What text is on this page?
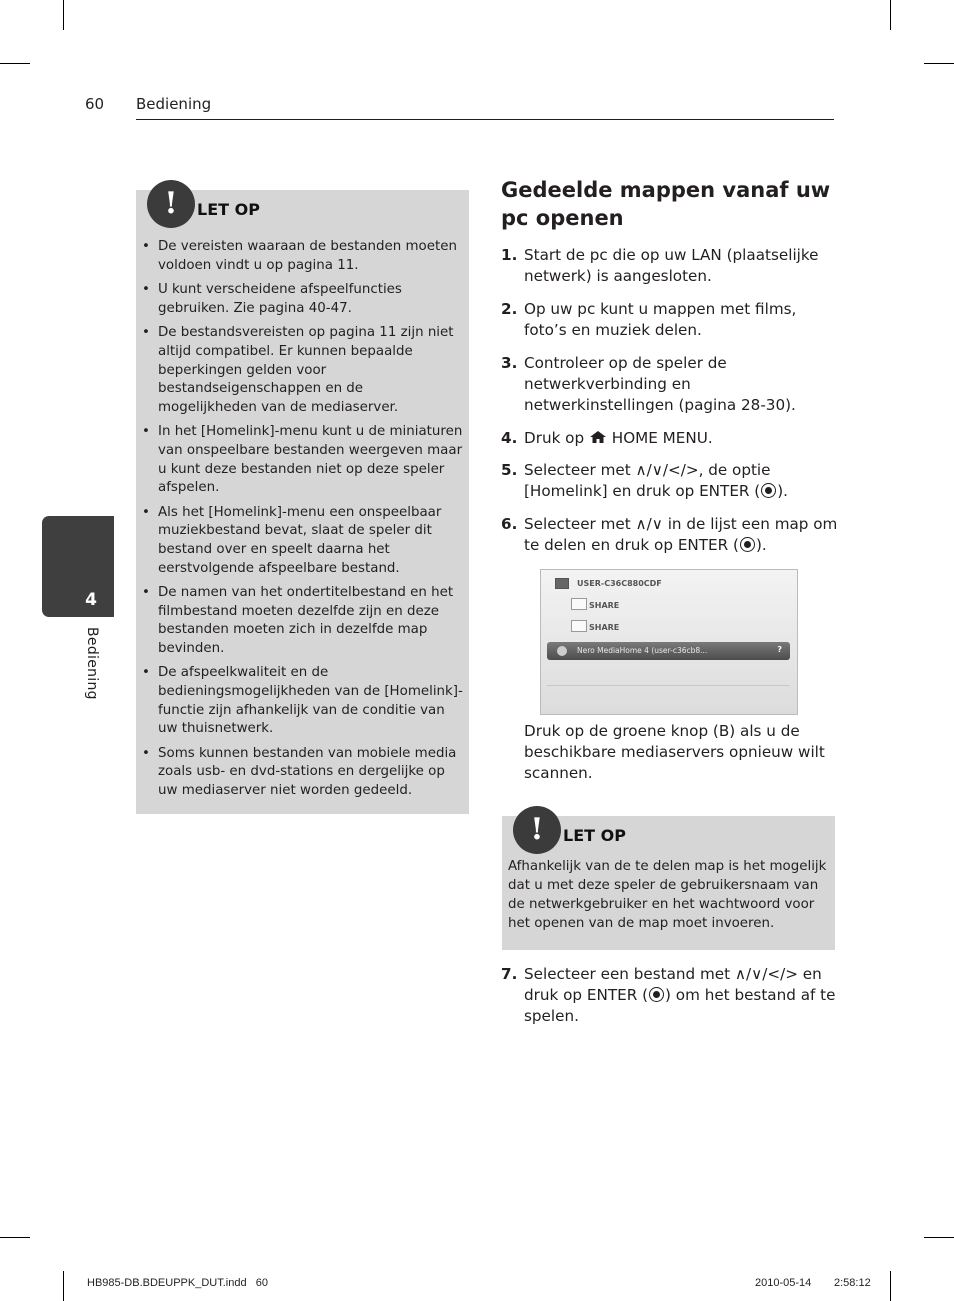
60 Bediening
4
Bediening
!	LET OP
• De vereisten waaraan de bestanden moeten voldoen vindt u op pagina 11.
• U kunt verscheidene afspeelfuncties gebruiken. Zie pagina 40-47.
• De bestandsvereisten op pagina 11 zijn niet altijd compatibel. Er kunnen bepaalde beperkingen gelden voor bestandseigenschappen en de mogelijkheden van de mediaserver.
• In het [Homelink]-menu kunt u de miniaturen van onspeelbare bestanden weergeven maar u kunt deze bestanden niet op deze speler afspelen.
• Als het [Homelink]-menu een onspeelbaar muziekbestand bevat, slaat de speler dit bestand over en speelt daarna het eerstvolgende afspeelbare bestand.
• De namen van het ondertitelbestand en het filmbestand moeten dezelfde zijn en deze bestanden moeten zich in dezelfde map bevinden.
• De afspeelkwaliteit en de bedieningsmogelijkheden van de [Homelink]-functie zijn afhankelijk van de conditie van uw thuisnetwerk.
• Soms kunnen bestanden van mobiele media zoals usb- en dvd-stations en dergelijke op uw mediaserver niet worden gedeeld.
Gedeelde mappen vanaf uw pc openen
1. Start de pc die op uw LAN (plaatselijke netwerk) is aangesloten.
2. Op uw pc kunt u mappen met films, foto’s en muziek delen.
3. Controleer op de speler de netwerkverbinding en netwerkinstellingen (pagina 28-30).
4. Druk op HOME MENU.
5. Selecteer met ∧/∨/</>, de optie [Homelink] en druk op ENTER ( ).
6. Selecteer met ∧/∨ in de lijst een map om te delen en druk op ENTER ( ).
USER-C36C880CDF
SHARE
SHARE
Nero MediaHome 4 (user-c36cb8...	?
Druk op de groene knop (B) als u de beschikbare mediaservers opnieuw wilt scannen.
!	LET OP
Afhankelijk van de te delen map is het mogelijk dat u met deze speler de gebruikersnaam van de netwerkgebruiker en het wachtwoord voor het openen van de map moet invoeren.
7. Selecteer een bestand met ∧/∨/</> en druk op ENTER ( ) om het bestand af te spelen.
HB985-DB.BDEUPPK_DUT.indd   60	2010-05-14 2:58:12
